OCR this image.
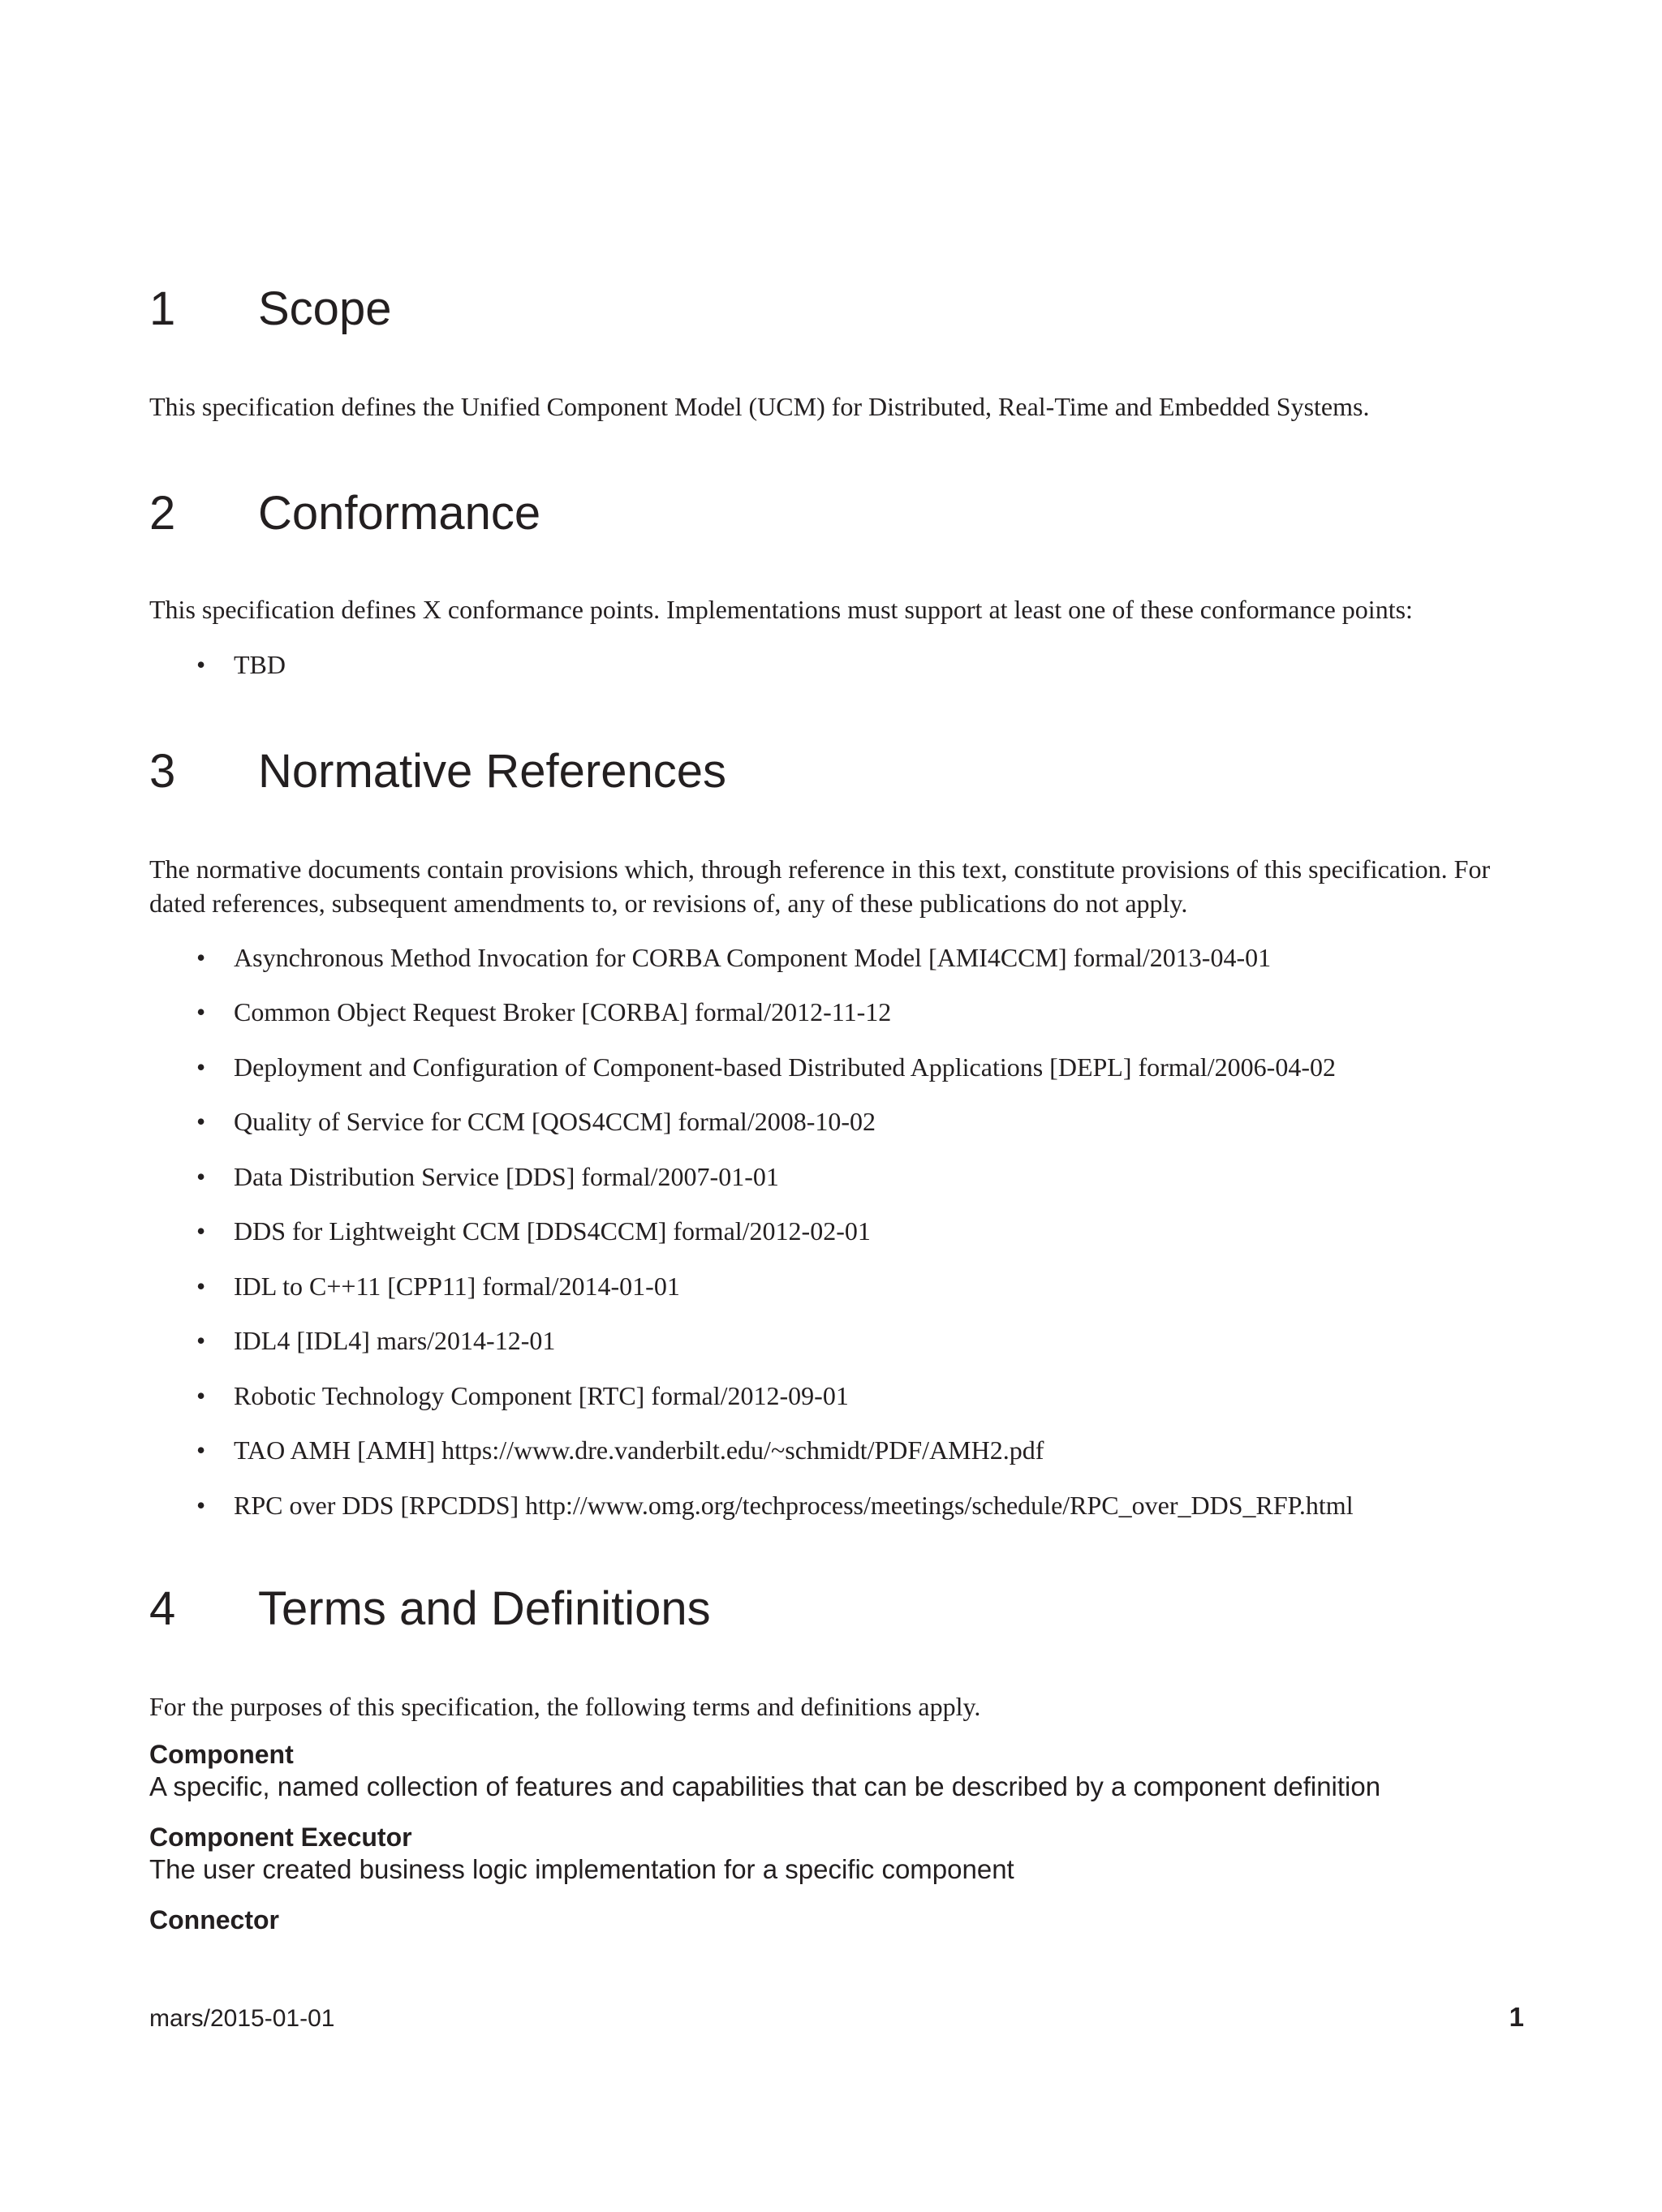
1 Scope

This specification defines the Unified Component Model (UCM) for Distributed, Real-Time and Embedded Systems.

2 Conformance

This specification defines X conformance points. Implementations must support at least one of these conformance points:

• TBD
3 Normative References

The normative documents contain provisions which, through reference in this text, constitute provisions of this specification. For dated references, subsequent amendments to, or revisions of, any of these publications do not apply.

• Asynchronous Method Invocation for CORBA Component Model [AMI4CCM] formal/2013-04-01
• Common Object Request Broker [CORBA] formal/2012-11-12
• Deployment and Configuration of Component-based Distributed Applications [DEPL] formal/2006-04-02
• Quality of Service for CCM [QOS4CCM] formal/2008-10-02
• Data Distribution Service [DDS] formal/2007-01-01
• DDS for Lightweight CCM [DDS4CCM] formal/2012-02-01
• IDL to C++11 [CPP11] formal/2014-01-01
• IDL4 [IDL4] mars/2014-12-01
• Robotic Technology Component [RTC] formal/2012-09-01
• TAO AMH [AMH] https://www.dre.vanderbilt.edu/~schmidt/PDF/AMH2.pdf
• RPC over DDS [RPCDDS] http://www.omg.org/techprocess/meetings/schedule/RPC_over_DDS_RFP.html
4 Terms and Definitions

For the purposes of this specification, the following terms and definitions apply.

Component
A specific, named collection of features and capabilities that can be described by a component definition
Component Executor
The user created business logic implementation for a specific component
Connector
mars/2015-01-01	1
